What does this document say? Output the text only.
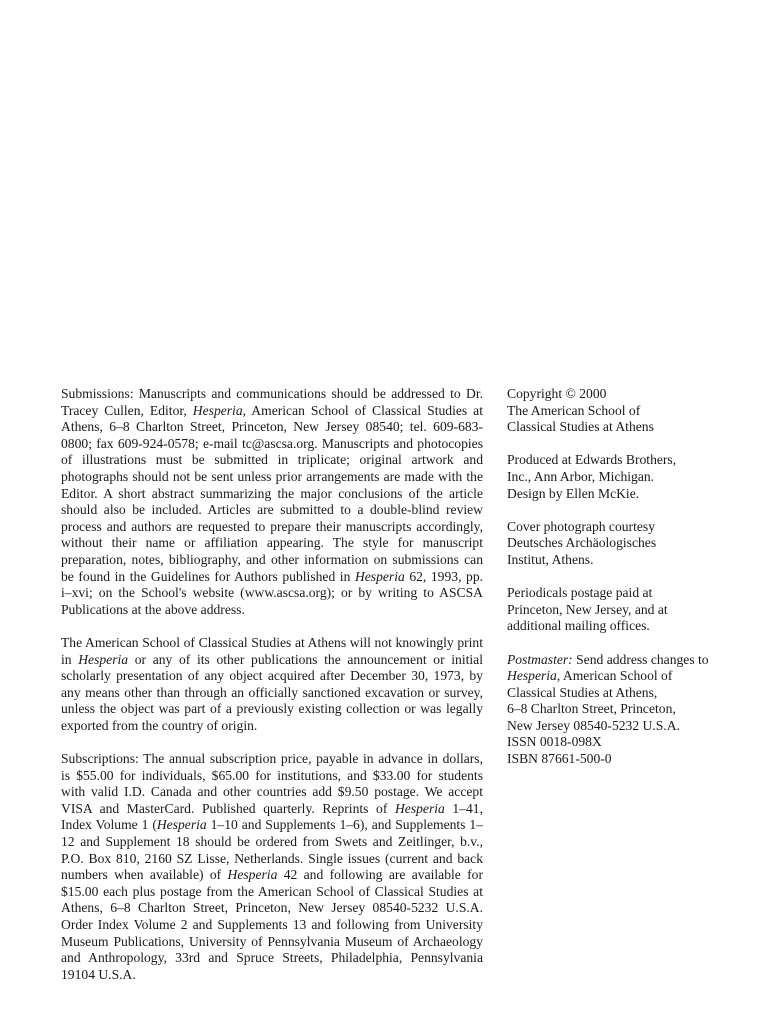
Submissions: Manuscripts and communications should be addressed to Dr. Tracey Cullen, Editor, Hesperia, American School of Classical Studies at Athens, 6–8 Charlton Street, Princeton, New Jersey 08540; tel. 609-683-0800; fax 609-924-0578; e-mail tc@ascsa.org. Manuscripts and photocopies of illustrations must be submitted in triplicate; original artwork and photographs should not be sent unless prior arrangements are made with the Editor. A short abstract summarizing the major conclusions of the article should also be included. Articles are submitted to a double-blind review process and authors are requested to prepare their manuscripts accordingly, without their name or affiliation appearing. The style for manuscript preparation, notes, bibliography, and other information on submissions can be found in the Guidelines for Authors published in Hesperia 62, 1993, pp. i–xvi; on the School's website (www.ascsa.org); or by writing to ASCSA Publications at the above address.

The American School of Classical Studies at Athens will not knowingly print in Hesperia or any of its other publications the announcement or initial scholarly presentation of any object acquired after December 30, 1973, by any means other than through an officially sanctioned excavation or survey, unless the object was part of a previously existing collection or was legally exported from the country of origin.

Subscriptions: The annual subscription price, payable in advance in dollars, is $55.00 for individuals, $65.00 for institutions, and $33.00 for students with valid I.D. Canada and other countries add $9.50 postage. We accept VISA and MasterCard. Published quarterly. Reprints of Hesperia 1–41, Index Volume 1 (Hesperia 1–10 and Supplements 1–6), and Supplements 1–12 and Supplement 18 should be ordered from Swets and Zeitlinger, b.v., P.O. Box 810, 2160 SZ Lisse, Netherlands. Single issues (current and back numbers when available) of Hesperia 42 and following are available for $15.00 each plus postage from the American School of Classical Studies at Athens, 6–8 Charlton Street, Princeton, New Jersey 08540-5232 U.S.A. Order Index Volume 2 and Supplements 13 and following from University Museum Publications, University of Pennsylvania Museum of Archaeology and Anthropology, 33rd and Spruce Streets, Philadelphia, Pennsylvania 19104 U.S.A.

Copyright © 2000
The American School of
Classical Studies at Athens

Produced at Edwards Brothers,
Inc., Ann Arbor, Michigan.
Design by Ellen McKie.

Cover photograph courtesy
Deutsches Archäologisches
Institut, Athens.

Periodicals postage paid at
Princeton, New Jersey, and at
additional mailing offices.

Postmaster: Send address changes to
Hesperia, American School of
Classical Studies at Athens,
6–8 Charlton Street, Princeton,
New Jersey 08540-5232 U.S.A.
ISSN 0018-098X
ISBN 87661-500-0
